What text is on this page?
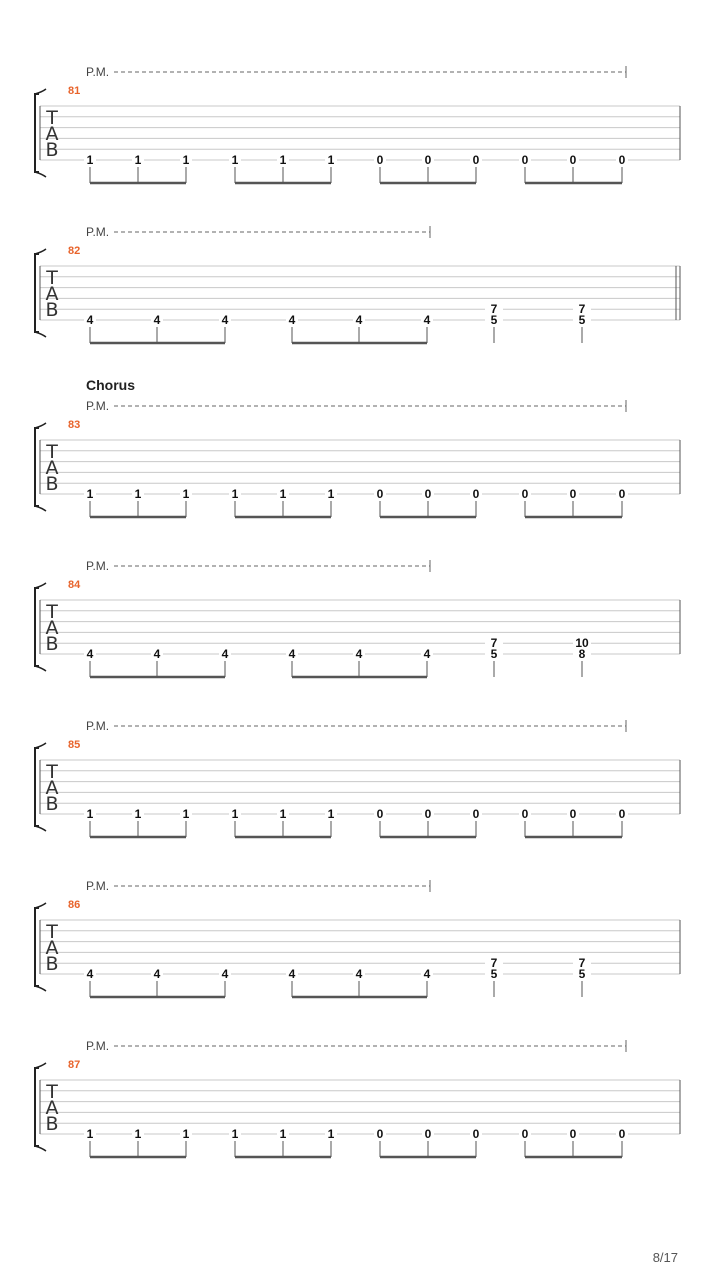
P.M.
81
T
A
B 1	1	1	1	1	1	0	0	0	0	0	0
P.M.
82
T
A
B 4	4	4	4	4	4
7
5
7
5
Chorus
P.M.
83
T
A
B 1	1	1	1	1	1	0	0	0	0	0	0
P.M.
84
T
A
B 4	4	4	4	4	4
7
5
10
8
P.M.
85
T
A
B 1	1	1	1	1	1	0	0	0	0	0	0
P.M.
86
T
A
B 4	4	4	4	4	4
7
5
7
5
P.M.
87
T
A
B 1	1	1	1	1	1	0	0	0	0	0	0
8/17
